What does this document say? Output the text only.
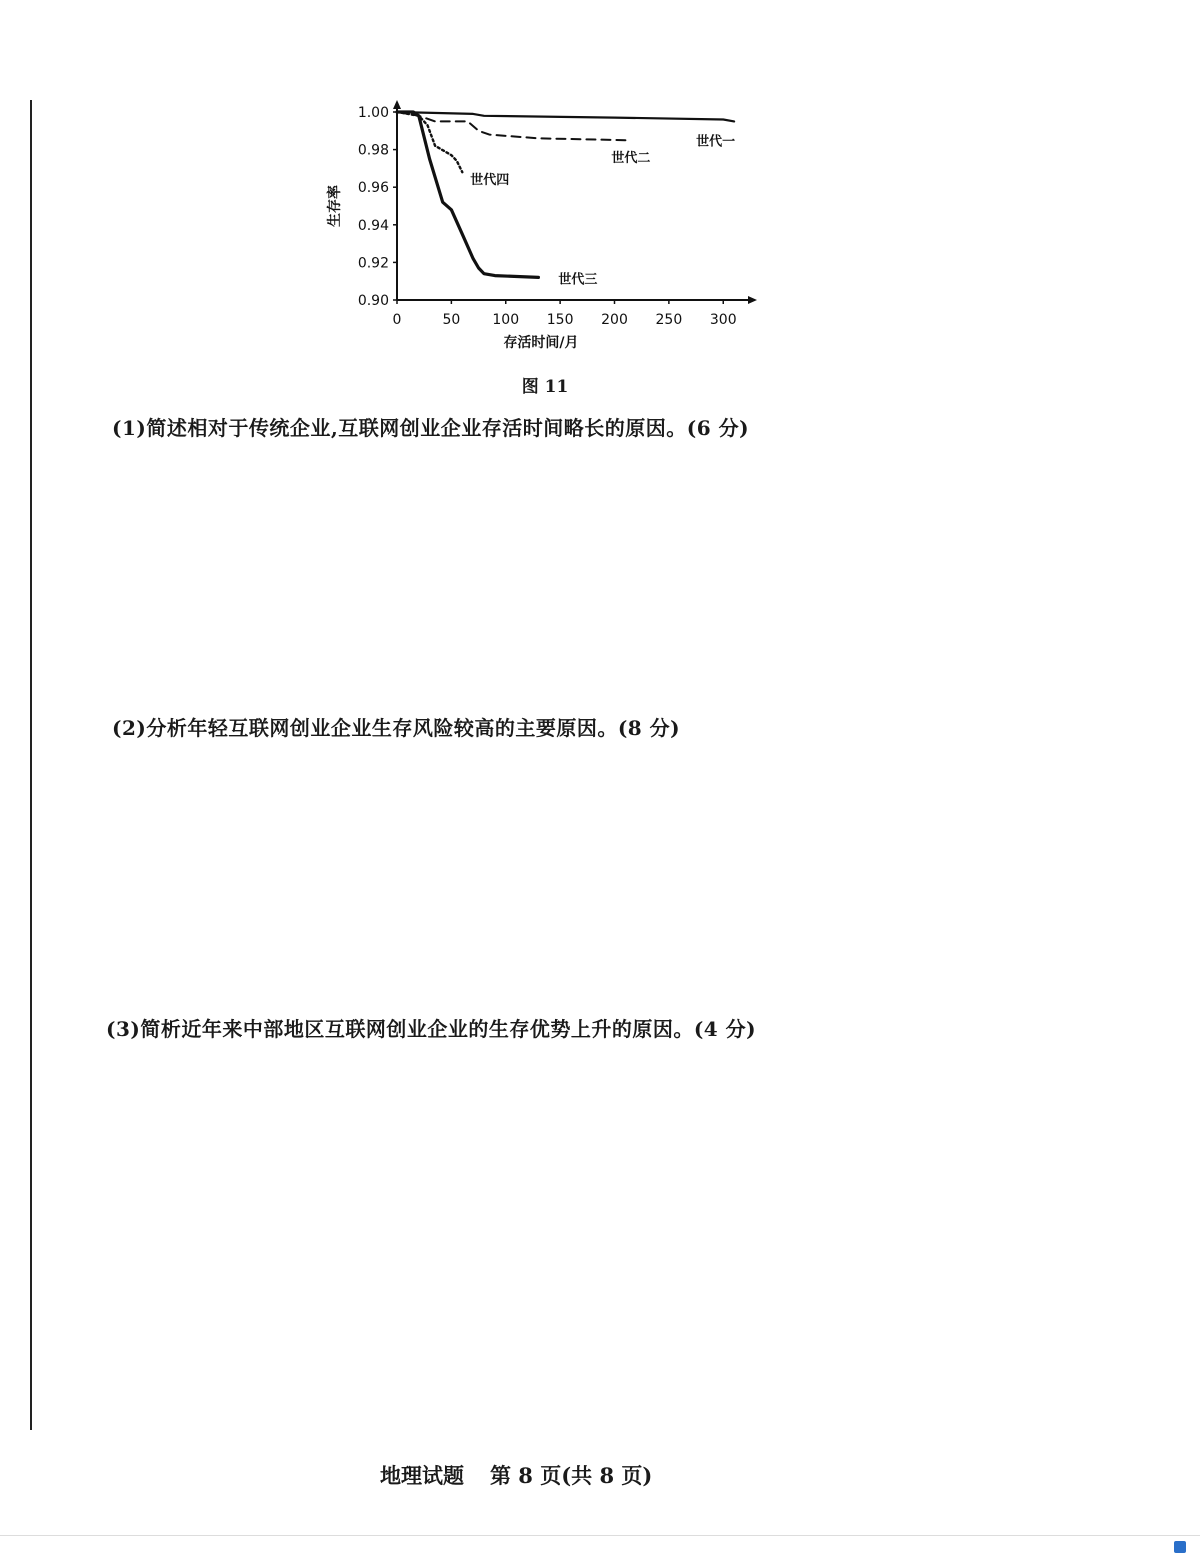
0.90
0.92
0.94
0.96
0.98
1.00
0	50 100 150 200 250 300
存活时间/月
生存率
世代一
世代二
世代三
世代四
图 11
(1)简述相对于传统企业,互联网创业企业存活时间略长的原因。(6 分)
(2)分析年轻互联网创业企业生存风险较高的主要原因。(8 分)
(3)简析近年来中部地区互联网创业企业的生存优势上升的原因。(4 分)
地理试题 第 8 页(共 8 页)
